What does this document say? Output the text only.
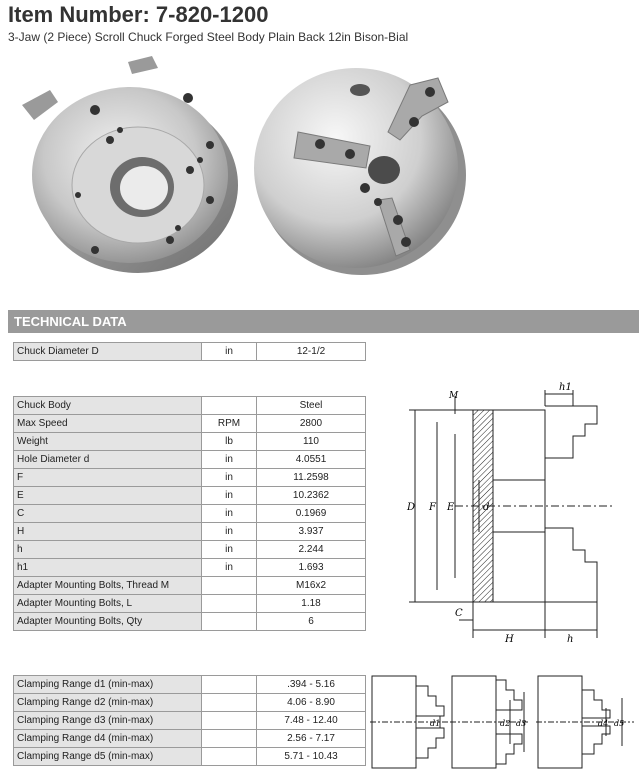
Item Number: 7-820-1200
3-Jaw (2 Piece) Scroll Chuck Forged Steel Body Plain Back 12in Bison-Bial
TECHNICAL DATA
Chuck Diameter D	in	12-1/2
Chuck Body		Steel
Max Speed	RPM	2800
Weight	lb	110
Hole Diameter d	in	4.0551
F	in	11.2598
E	in	10.2362
C	in	0.1969
H	in	3.937
h	in	2.244
h1	in	1.693
Adapter Mounting Bolts, Thread M		M16x2
Adapter Mounting Bolts, L		1.18
Adapter Mounting Bolts, Qty		6
Clamping Range d1 (min-max)		.394 - 5.16
Clamping Range d2 (min-max)		4.06 - 8.90
Clamping Range d3 (min-max)		7.48 - 12.40
Clamping Range d4 (min-max)		2.56 - 7.17
Clamping Range d5 (min-max)		5.71 - 10.43
h1
M
D F E	d
C
H	h
d1	d2 d3	d4 d5
